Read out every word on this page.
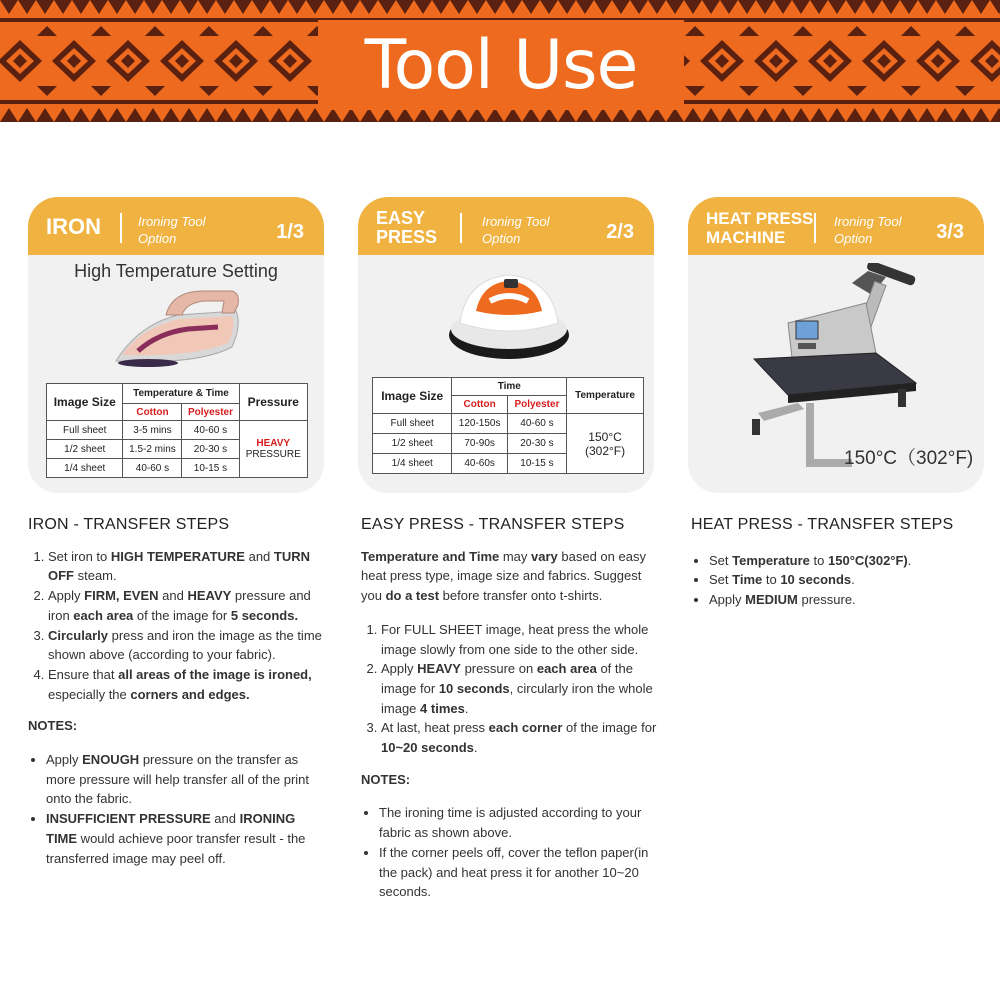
Tool Use
IRON	Ironing Tool
Option	1/3
High Temperature Setting
Image Size	Temperature & Time		Pressure
	Cotton	Polyester	
Full sheet	3-5 mins	40-60 s	HEAVY
PRESSURE
1/2 sheet	1.5-2 mins	20-30 s	
1/4 sheet	40-60 s	10-15 s	
EASY
PRESS
Ironing Tool
Option	2/3
Image Size	Time		Temperature
	Cotton	Polyester	
Full sheet	120-150s	40-60 s	150°C
(302°F)
1/2 sheet	70-90s	20-30 s	
1/4 sheet	40-60s	10-15 s	
HEAT PRESS
MACHINE
Ironing Tool
Option	3/3
150°C（302°F)
IRON - TRANSFER STEPS
1. Set iron to HIGH TEMPERATURE and TURN OFF steam.
2. Apply FIRM, EVEN and HEAVY pressure and iron each area of the image for 5 seconds.
3. Circularly press and iron the image as the time shown above (according to your fabric).
4. Ensure that all areas of the image is ironed, especially the corners and edges.
NOTES:
• Apply ENOUGH pressure on the transfer as more pressure will help transfer all of the print onto the fabric.
• INSUFFICIENT PRESSURE and IRONING TIME would achieve poor transfer result - the transferred image may peel off.
EASY PRESS - TRANSFER STEPS

Temperature and Time may vary based on easy heat press type, image size and fabrics. Suggest you do a test before transfer onto t-shirts.

1. For FULL SHEET image, heat press the whole image slowly from one side to the other side.
2. Apply HEAVY pressure on each area of the image for 10 seconds, circularly iron the whole image 4 times.
3. At last, heat press each corner of the image for 10~20 seconds.
NOTES:
• The ironing time is adjusted according to your fabric as shown above.
• If the corner peels off, cover the teflon paper(in the pack) and heat press it for another 10~20 seconds.
HEAT PRESS - TRANSFER STEPS
• Set Temperature to 150°C(302°F).
• Set Time to 10 seconds.
• Apply MEDIUM pressure.
